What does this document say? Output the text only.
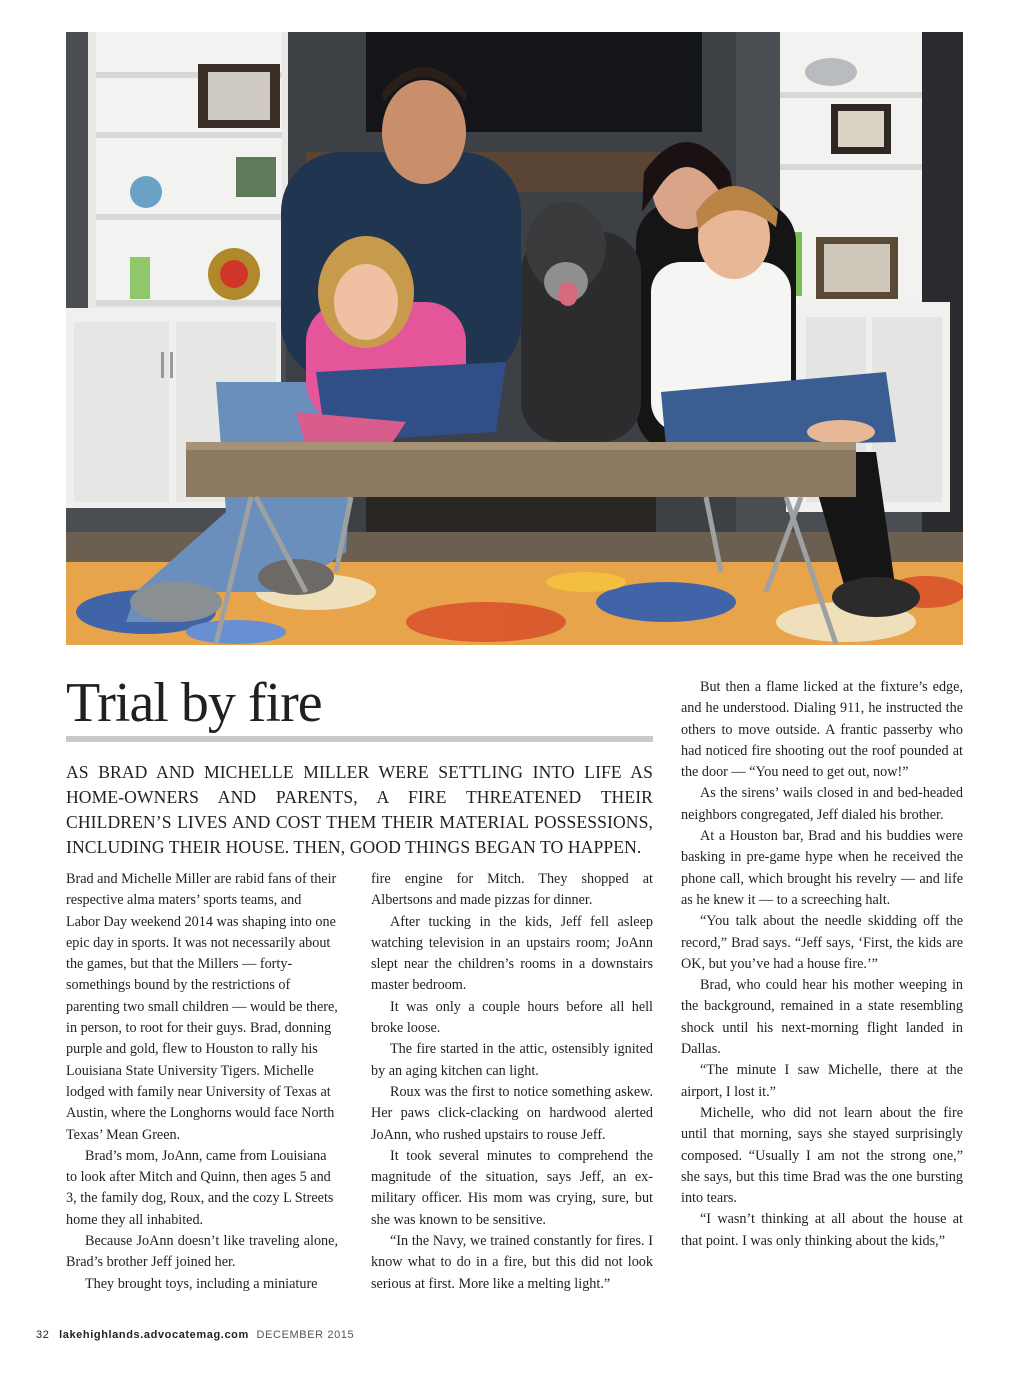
Trial by fire

AS BRAD AND MICHELLE MILLER WERE SETTLING INTO LIFE AS HOME-OWNERS AND PARENTS, A FIRE THREATENED THEIR CHILDREN’S LIVES AND COST THEM THEIR MATERIAL POSSESSIONS, INCLUDING THEIR HOUSE. THEN, GOOD THINGS BEGAN TO HAPPEN.

Brad and Michelle Miller are rabid fans of their respective alma maters’ sports teams, and Labor Day weekend 2014 was shaping into one epic day in sports. It was not necessarily about the games, but that the Millers — forty-somethings bound by the restrictions of parenting two small children — would be there, in person, to root for their guys. Brad, donning purple and gold, flew to Houston to rally his Louisiana State University Tigers. Michelle lodged with family near University of Texas at Austin, where the Longhorns would face North Texas’ Mean Green.

Brad’s mom, JoAnn, came from Louisiana to look after Mitch and Quinn, then ages 5 and 3, the family dog, Roux, and the cozy L Streets home they all inhabited.

Because JoAnn doesn’t like traveling alone, Brad’s brother Jeff joined her.

They brought toys, including a miniature

fire engine for Mitch. They shopped at Albertsons and made pizzas for dinner.

After tucking in the kids, Jeff fell asleep watching television in an upstairs room; JoAnn slept near the children’s rooms in a downstairs master bedroom.

It was only a couple hours before all hell broke loose.

The fire started in the attic, ostensibly ignited by an aging kitchen can light.

Roux was the first to notice something askew. Her paws click-clacking on hardwood alerted JoAnn, who rushed upstairs to rouse Jeff.

It took several minutes to comprehend the magnitude of the situation, says Jeff, an ex-military officer. His mom was crying, sure, but she was known to be sensitive.

“In the Navy, we trained constantly for fires. I know what to do in a fire, but this did not look serious at first. More like a melting light.”

But then a flame licked at the fixture’s edge, and he understood. Dialing 911, he instructed the others to move outside. A frantic passerby who had noticed fire shooting out the roof pounded at the door — “You need to get out, now!”

As the sirens’ wails closed in and bed-headed neighbors congregated, Jeff dialed his brother.

At a Houston bar, Brad and his buddies were basking in pre-game hype when he received the phone call, which brought his revelry — and life as he knew it — to a screeching halt.

“You talk about the needle skidding off the record,” Brad says. “Jeff says, ‘First, the kids are OK, but you’ve had a house fire.’”

Brad, who could hear his mother weeping in the background, remained in a state resembling shock until his next-morning flight landed in Dallas.

“The minute I saw Michelle, there at the airport, I lost it.”

Michelle, who did not learn about the fire until that morning, says she stayed surprisingly composed. “Usually I am not the strong one,” she says, but this time Brad was the one bursting into tears.

“I wasn’t thinking at all about the house at that point. I was only thinking about the kids,”

32 lakehighlands.advocatemag.com DECEMBER 2015
